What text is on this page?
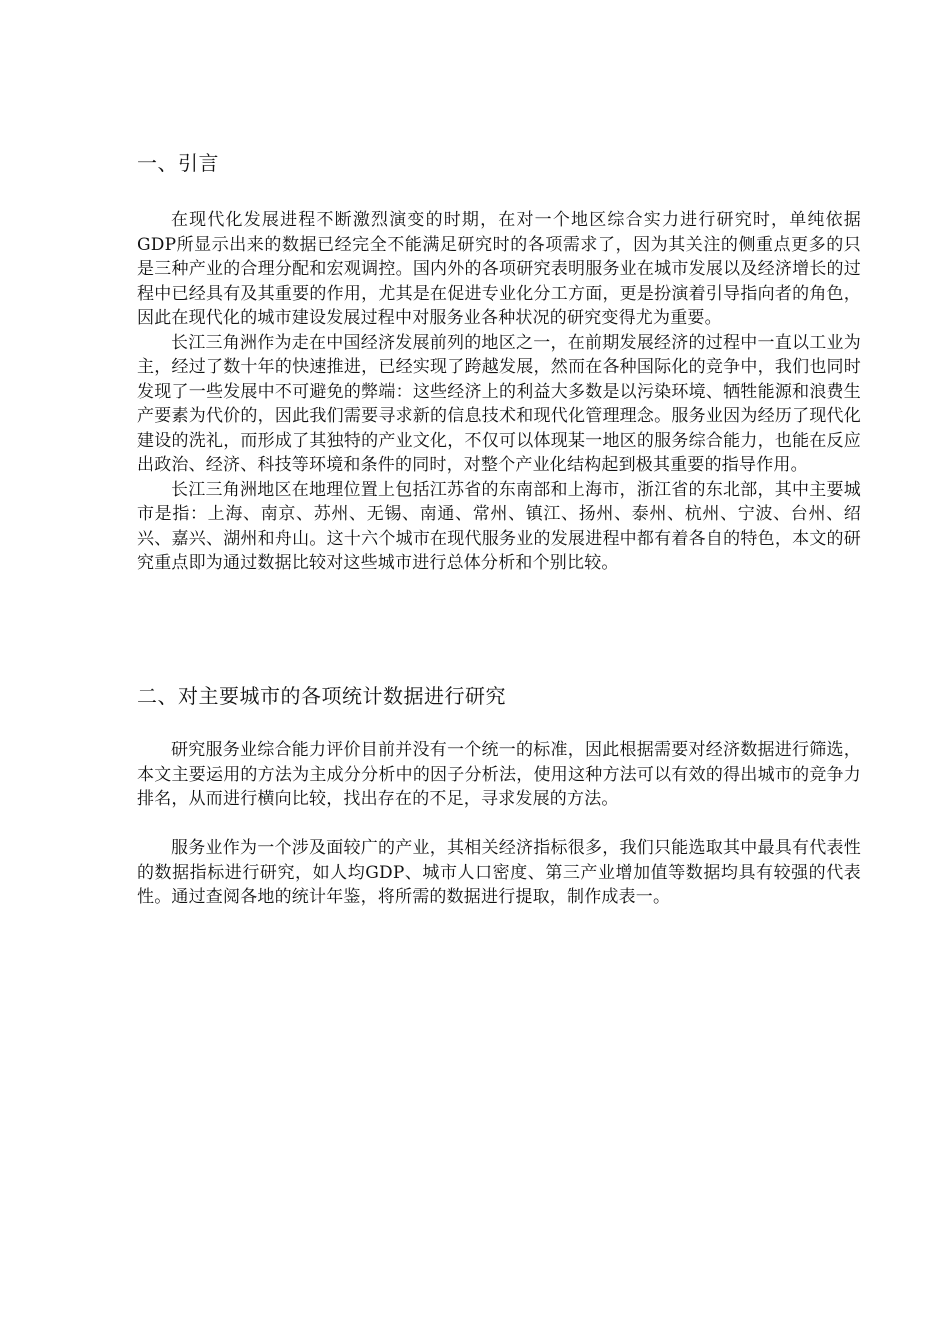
一、引言

在现代化发展进程不断激烈演变的时期，在对一个地区综合实力进行研究时，单纯依据GDP所显示出来的数据已经完全不能满足研究时的各项需求了，因为其关注的侧重点更多的只是三种产业的合理分配和宏观调控。国内外的各项研究表明服务业在城市发展以及经济增长的过程中已经具有及其重要的作用，尤其是在促进专业化分工方面，更是扮演着引导指向者的角色，因此在现代化的城市建设发展过程中对服务业各种状况的研究变得尤为重要。

长江三角洲作为走在中国经济发展前列的地区之一，在前期发展经济的过程中一直以工业为主，经过了数十年的快速推进，已经实现了跨越发展，然而在各种国际化的竞争中，我们也同时发现了一些发展中不可避免的弊端：这些经济上的利益大多数是以污染环境、牺牲能源和浪费生产要素为代价的，因此我们需要寻求新的信息技术和现代化管理理念。服务业因为经历了现代化建设的洗礼，而形成了其独特的产业文化，不仅可以体现某一地区的服务综合能力，也能在反应出政治、经济、科技等环境和条件的同时，对整个产业化结构起到极其重要的指导作用。

长江三角洲地区在地理位置上包括江苏省的东南部和上海市，浙江省的东北部，其中主要城市是指：上海、南京、苏州、无锡、南通、常州、镇江、扬州、泰州、杭州、宁波、台州、绍兴、嘉兴、湖州和舟山。这十六个城市在现代服务业的发展进程中都有着各自的特色，本文的研究重点即为通过数据比较对这些城市进行总体分析和个别比较。

二、对主要城市的各项统计数据进行研究

研究服务业综合能力评价目前并没有一个统一的标准，因此根据需要对经济数据进行筛选，本文主要运用的方法为主成分分析中的因子分析法，使用这种方法可以有效的得出城市的竞争力排名，从而进行横向比较，找出存在的不足，寻求发展的方法。

服务业作为一个涉及面较广的产业，其相关经济指标很多，我们只能选取其中最具有代表性的数据指标进行研究，如人均GDP、城市人口密度、第三产业增加值等数据均具有较强的代表性。通过查阅各地的统计年鉴，将所需的数据进行提取，制作成表一。
